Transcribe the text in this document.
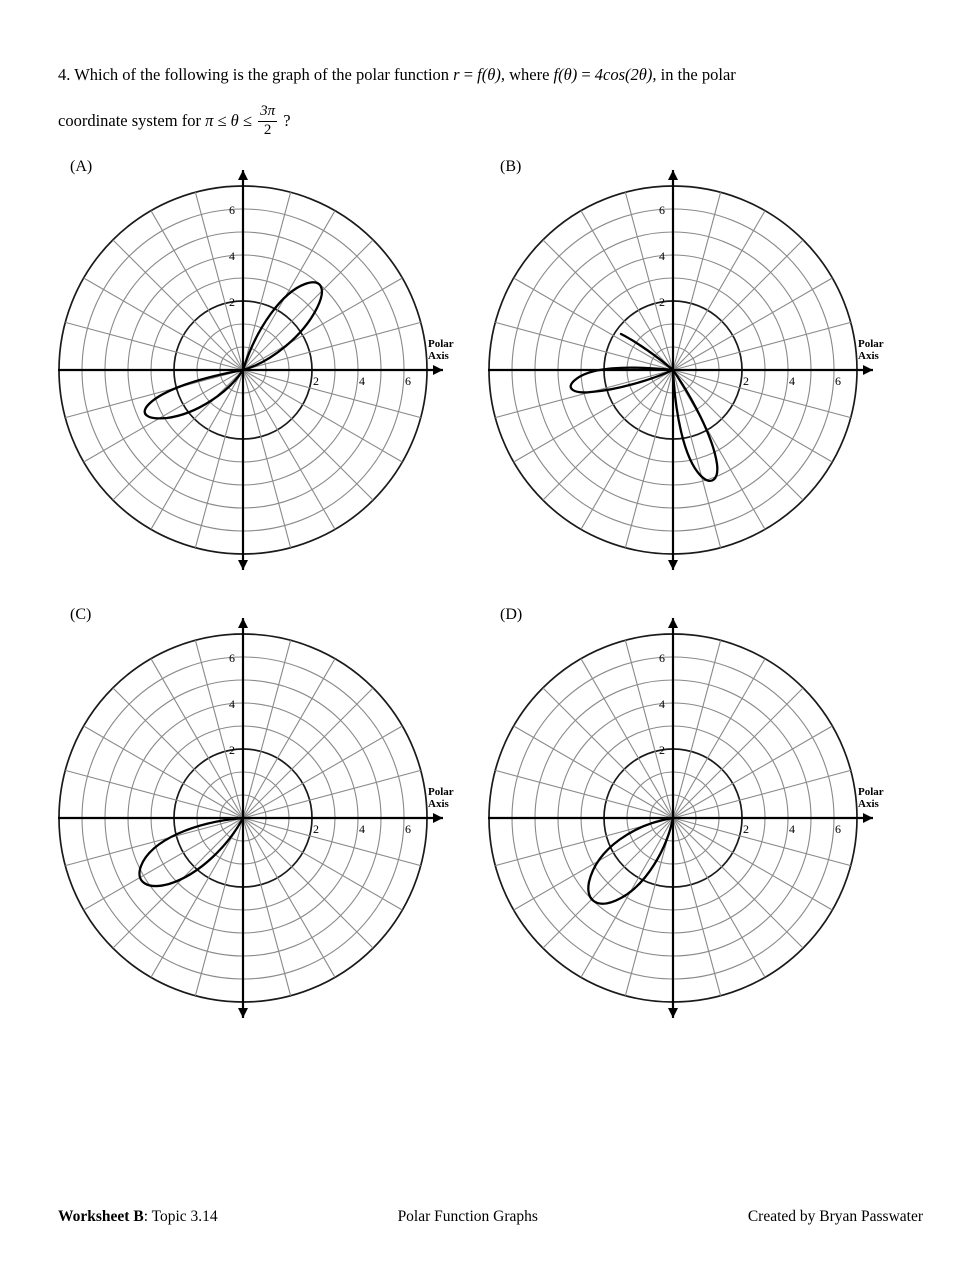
4. Which of the following is the graph of the polar function r = f(θ), where f(θ) = 4cos(2θ), in the polar
coordinate system for $\pi \le \theta \le \frac{3\pi}{2}$ ?
(A)
2	4	6
2
4
6
Polar
Axis
(B)
2	4	6
2
4
6
Polar
Axis
(C)
2	4	6
2
4
6
Polar
Axis
(D)
2	4	6
2
4
6
Polar
Axis
Worksheet B: Topic 3.14	Polar Function Graphs	Created by Bryan Passwater
